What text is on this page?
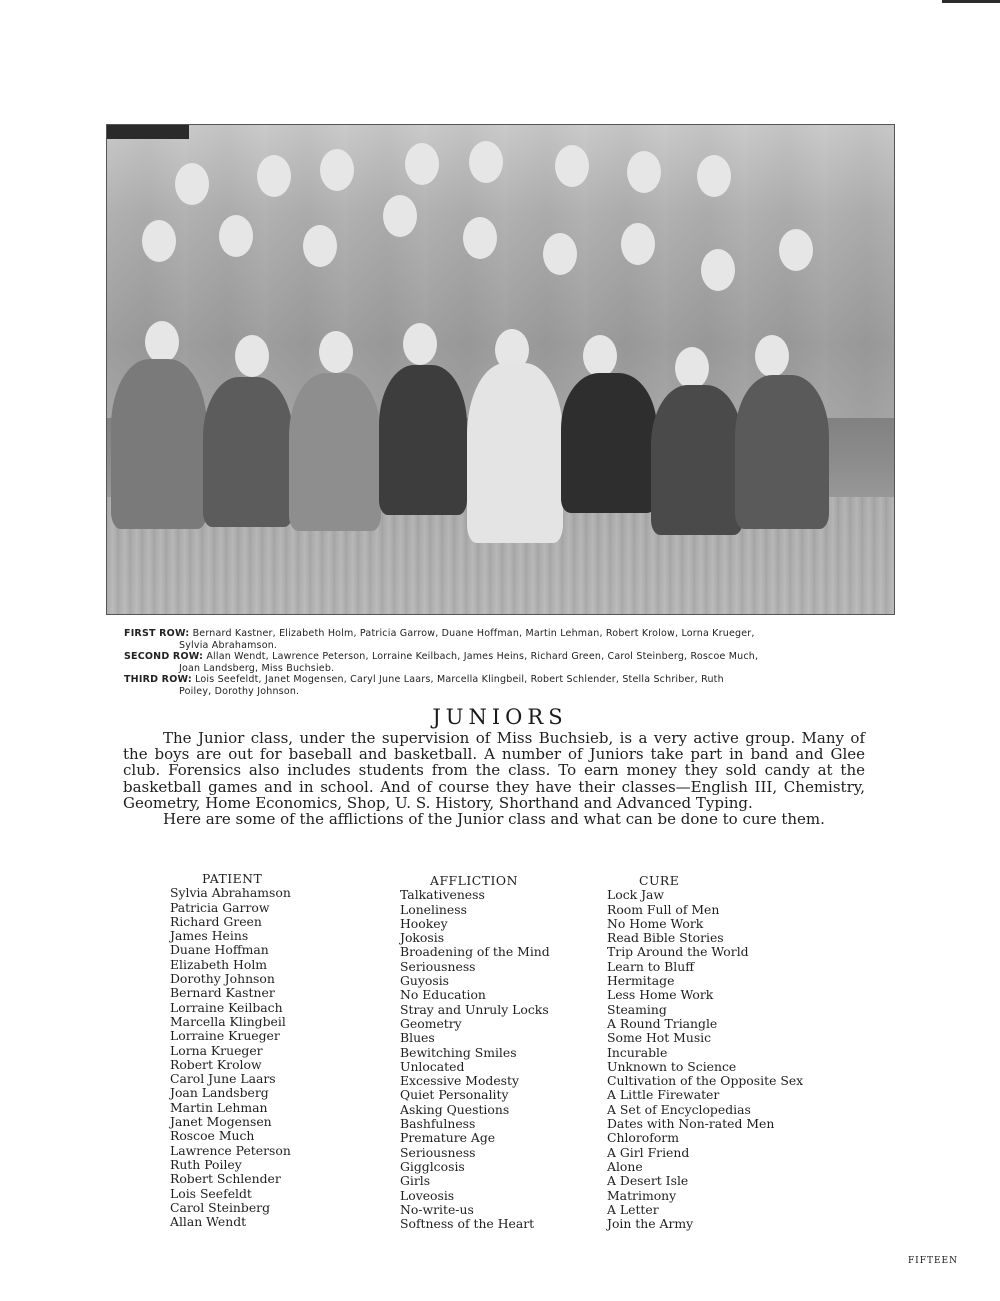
FIRST ROW: Bernard Kastner, Elizabeth Holm, Patricia Garrow, Duane Hoffman, Martin Lehman, Robert Krolow, Lorna Krueger,
Sylvia Abrahamson.
SECOND ROW: Allan Wendt, Lawrence Peterson, Lorraine Keilbach, James Heins, Richard Green, Carol Steinberg, Roscoe Much,
Joan Landsberg, Miss Buchsieb.
THIRD ROW: Lois Seefeldt, Janet Mogensen, Caryl June Laars, Marcella Klingbeil, Robert Schlender, Stella Schriber, Ruth
Poiley, Dorothy Johnson.
JUNIORS

The Junior class, under the supervision of Miss Buchsieb, is a very active group. Many of the boys are out for baseball and basketball. A number of Juniors take part in band and Glee club. Forensics also includes students from the class. To earn money they sold candy at the basketball games and in school. And of course they have their classes—English III, Chemistry, Geometry, Home Economics, Shop, U. S. History, Shorthand and Advanced Typing.

Here are some of the afflictions of the Junior class and what can be done to cure them.

PATIENT
Sylvia Abrahamson
Patricia Garrow
Richard Green
James Heins
Duane Hoffman
Elizabeth Holm
Dorothy Johnson
Bernard Kastner
Lorraine Keilbach
Marcella Klingbeil
Lorraine Krueger
Lorna Krueger
Robert Krolow
Carol June Laars
Joan Landsberg
Martin Lehman
Janet Mogensen
Roscoe Much
Lawrence Peterson
Ruth Poiley
Robert Schlender
Lois Seefeldt
Carol Steinberg
Allan Wendt
AFFLICTION
Talkativeness
Loneliness
Hookey
Jokosis
Broadening of the Mind
Seriousness
Guyosis
No Education
Stray and Unruly Locks
Geometry
Blues
Bewitching Smiles
Unlocated
Excessive Modesty
Quiet Personality
Asking Questions
Bashfulness
Premature Age
Seriousness
Gigglcosis
Girls
Loveosis
No-write-us
Softness of the Heart
CURE
Lock Jaw
Room Full of Men
No Home Work
Read Bible Stories
Trip Around the World
Learn to Bluff
Hermitage
Less Home Work
Steaming
A Round Triangle
Some Hot Music
Incurable
Unknown to Science
Cultivation of the Opposite Sex
A Little Firewater
A Set of Encyclopedias
Dates with Non-rated Men
Chloroform
A Girl Friend
Alone
A Desert Isle
Matrimony
A Letter
Join the Army
FIFTEEN
